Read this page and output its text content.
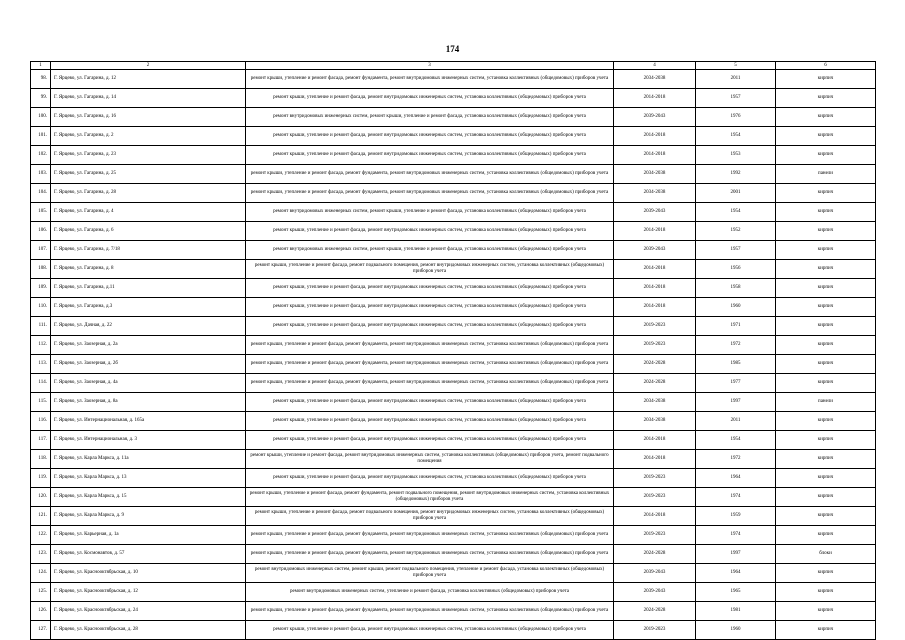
174
1	2	3	4	5	6
98.	Г. Ярцево, ул. Гагарина, д. 12	ремонт крыши, утепление и ремонт фасада, ремонт фундамента, ремонт внутридомовых инженерных систем, установка коллективных (общедомовых) приборов учета	2034-2038	2011	кирпич
99.	Г. Ярцево, ул. Гагарина, д. 14	ремонт крыши, утепление и ремонт фасада, ремонт внутридомовых инженерных систем, установка коллективных (общедомовых) приборов учета	2014-2018	1957	кирпич
100.	Г. Ярцево, ул. Гагарина, д. 16	ремонт внутридомовых инженерных систем, ремонт крыши, утепление и ремонт фасада, установка коллективных (общедомовых) приборов учета	2039-2043	1976	кирпич
101.	Г. Ярцево, ул. Гагарина, д. 2	ремонт крыши, утепление и ремонт фасада, ремонт внутридомовых инженерных систем, установка коллективных (общедомовых) приборов учета	2014-2018	1954	кирпич
102.	Г. Ярцево, ул. Гагарина, д. 23	ремонт крыши, утепление и ремонт фасада, ремонт внутридомовых инженерных систем, установка коллективных (общедомовых) приборов учета	2014-2018	1953	кирпич
103.	Г. Ярцево, ул. Гагарина, д. 25	ремонт крыши, утепление и ремонт фасада, ремонт фундамента, ремонт внутридомовых инженерных систем, установка коллективных (общедомовых) приборов учета	2034-2038	1992	панели
104.	Г. Ярцево, ул. Гагарина, д. 28	ремонт крыши, утепление и ремонт фасада, ремонт фундамента, ремонт внутридомовых инженерных систем, установка коллективных (общедомовых) приборов учета	2034-2038	2001	кирпич
105.	Г. Ярцево, ул. Гагарина, д. 4	ремонт внутридомовых инженерных систем, ремонт крыши, утепление и ремонт фасада, установка коллективных (общедомовых) приборов учета	2039-2043	1954	кирпич
106.	Г. Ярцево, ул. Гагарина, д. 6	ремонт крыши, утепление и ремонт фасада, ремонт внутридомовых инженерных систем, установка коллективных (общедомовых) приборов учета	2014-2018	1952	кирпич
107.	Г. Ярцево, ул. Гагарина, д. 7/18	ремонт внутридомовых инженерных систем, ремонт крыши, утепление и ремонт фасада, установка коллективных (общедомовых) приборов учета	2039-2043	1957	кирпич
108.	Г. Ярцево, ул. Гагарина, д. 8	ремонт крыши, утепление и ремонт фасада, ремонт подвального помещения, ремонт внутридомовых инженерных систем, установка коллективных (общедомовых) приборов учета	2014-2018	1956	кирпич
109.	Г. Ярцево, ул. Гагарина, д.11	ремонт крыши, утепление и ремонт фасада, ремонт внутридомовых инженерных систем, установка коллективных (общедомовых) приборов учета	2014-2018	1958	кирпич
110.	Г. Ярцево, ул. Гагарина, д.3	ремонт крыши, утепление и ремонт фасада, ремонт внутридомовых инженерных систем, установка коллективных (общедомовых) приборов учета	2014-2018	1960	кирпич
111.	Г. Ярцево, ул. Дачная, д. 22	ремонт крыши, утепление и ремонт фасада, ремонт внутридомовых инженерных систем, установка коллективных (общедомовых) приборов учета	2019-2023	1971	кирпич
112.	Г. Ярцево, ул. Заозерная, д. 2а	ремонт крыши, утепление и ремонт фасада, ремонт фундамента, ремонт внутридомовых инженерных систем, установка коллективных (общедомовых) приборов учета	2019-2023	1972	кирпич
113.	Г. Ярцево, ул. Заозерная, д. 2б	ремонт крыши, утепление и ремонт фасада, ремонт фундамента, ремонт внутридомовых инженерных систем, установка коллективных (общедомовых) приборов учета	2024-2028	1985	кирпич
114.	Г. Ярцево, ул. Заозерная, д. 4а	ремонт крыши, утепление и ремонт фасада, ремонт фундамента, ремонт внутридомовых инженерных систем, установка коллективных (общедомовых) приборов учета	2024-2028	1977	кирпич
115.	Г. Ярцево, ул. Заозерная, д. 8а	ремонт крыши, утепление и ремонт фасада, ремонт внутридомовых инженерных систем, установка коллективных (общедомовых) приборов учета	2034-2038	1997	панели
116.	Г. Ярцево, ул. Интернациональная, д. 165а	ремонт крыши, утепление и ремонт фасада, ремонт внутридомовых инженерных систем, установка коллективных (общедомовых) приборов учета	2034-2038	2011	кирпич
117.	Г. Ярцево, ул. Интернациональная, д. 3	ремонт крыши, утепление и ремонт фасада, ремонт внутридомовых инженерных систем, установка коллективных (общедомовых) приборов учета	2014-2018	1954	кирпич
118.	Г. Ярцево, ул. Карла Маркса, д. 11а	ремонт крыши, утепление и ремонт фасада, ремонт внутридомовых инженерных систем, установка коллективных (общедомовых) приборов учета, ремонт подвального помещения	2014-2018	1972	кирпич
119.	Г. Ярцево, ул. Карла Маркса, д. 13	ремонт крыши, утепление и ремонт фасада, ремонт внутридомовых инженерных систем, установка коллективных (общедомовых) приборов учета	2019-2023	1964	кирпич
120.	Г. Ярцево, ул. Карла Маркса, д. 15	ремонт крыши, утепление и ремонт фасада, ремонт фундамента, ремонт подвального помещения, ремонт внутридомовых инженерных систем, установка коллективных (общедомовых) приборов учета	2019-2023	1974	кирпич
121.	Г. Ярцево, ул. Карла Маркса, д. 9	ремонт крыши, утепление и ремонт фасада, ремонт подвального помещения, ремонт внутридомовых инженерных систем, установка коллективных (общедомовых) приборов учета	2014-2018	1959	кирпич
122.	Г. Ярцево, ул. Карьерная, д. 1а	ремонт крыши, утепление и ремонт фасада, ремонт фундамента, ремонт внутридомовых инженерных систем, установка коллективных (общедомовых) приборов учета	2019-2023	1974	кирпич
123.	Г. Ярцево, ул. Космонавтов, д. 57	ремонт крыши, утепление и ремонт фасада, ремонт фундамента, ремонт внутридомовых инженерных систем, установка коллективных (общедомовых) приборов учета	2024-2028	1997	блоки
124.	Г. Ярцево, ул. Краснооктябрьская, д. 10	ремонт внутридомовых инженерных систем, ремонт крыши, ремонт подвального помещения, утепление и ремонт фасада, установка коллективных (общедомовых) приборов учета	2039-2043	1964	кирпич
125.	Г. Ярцево, ул. Краснооктябрьская, д. 12	ремонт внутридомовых инженерных систем, утепление и ремонт фасада, установка коллективных (общедомовых) приборов учета	2039-2043	1965	кирпич
126.	Г. Ярцево, ул. Краснооктябрьская, д. 24	ремонт крыши, утепление и ремонт фасада, ремонт фундамента, ремонт внутридомовых инженерных систем, установка коллективных (общедомовых) приборов учета	2024-2028	1981	кирпич
127.	Г. Ярцево, ул. Краснооктябрьская, д. 28	ремонт крыши, утепление и ремонт фасада, ремонт внутридомовых инженерных систем, установка коллективных (общедомовых) приборов учета	2019-2023	1960	кирпич
